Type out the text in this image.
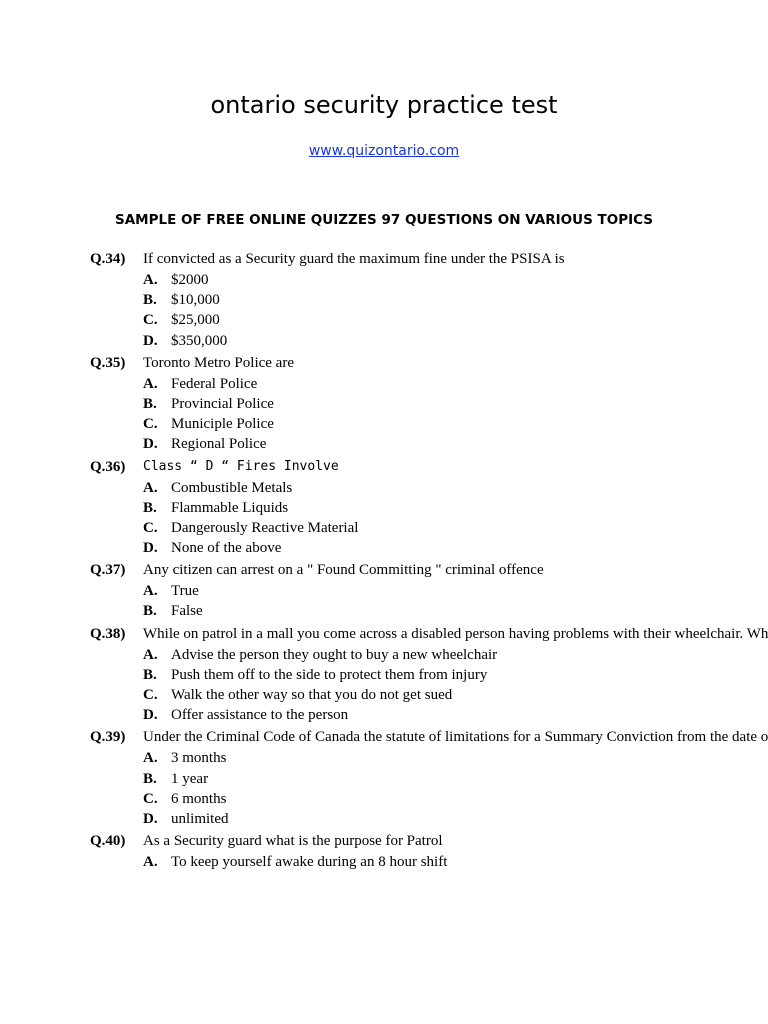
ontario security practice test
www.quizontario.com
SAMPLE OF FREE ONLINE QUIZZES 97 QUESTIONS ON VARIOUS TOPICS
Q.34) If convicted as a Security guard the maximum fine under the PSISA is
A. $2000
B. $10,000
C. $25,000
D. $350,000
Q.35) Toronto Metro Police are
A. Federal Police
B. Provincial Police
C. Municiple Police
D. Regional Police
Q.36) Class “ D “ Fires Involve
A. Combustible Metals
B. Flammable Liquids
C. Dangerously Reactive Material
D. None of the above
Q.37) Any citizen can arrest on a " Found Committing " criminal offence
A. True
B. False
Q.38) While on patrol in a mall you come across a disabled person having problems with their wheelchair. Wh
A. Advise the person they ought to buy a new wheelchair
B. Push them off to the side to protect them from injury
C. Walk the other way so that you do not get sued
D. Offer assistance to the person
Q.39) Under the Criminal Code of Canada the statute of limitations for a Summary Conviction from the date o
A. 3 months
B. 1 year
C. 6 months
D. unlimited
Q.40) As a Security guard what is the purpose for Patrol
A. To keep yourself awake during an 8 hour shift
